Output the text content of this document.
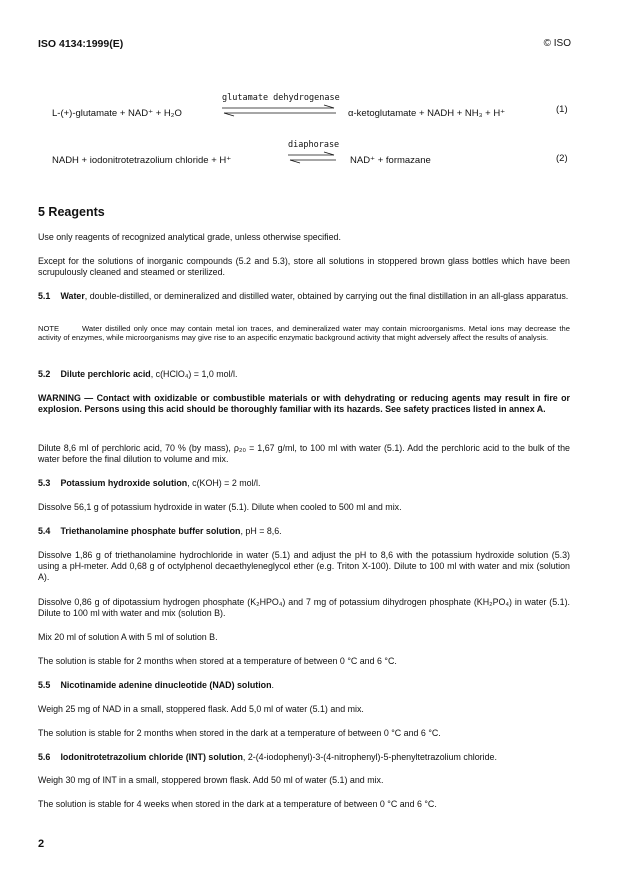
ISO 4134:1999(E)	© ISO
glutamate dehydrogenase
L-(+)-glutamate + NAD⁺ + H₂O	α-ketoglutamate + NADH + NH₃ + H⁺	(1)
diaphorase
NADH + iodonitrotetrazolium chloride + H⁺	NAD⁺ + formazane	(2)
5 Reagents
Use only reagents of recognized analytical grade, unless otherwise specified.
Except for the solutions of inorganic compounds (5.2 and 5.3), store all solutions in stoppered brown glass bottles which have been scrupulously cleaned and steamed or sterilized.
5.1 Water, double-distilled, or demineralized and distilled water, obtained by carrying out the final distillation in an all-glass apparatus.
NOTE	Water distilled only once may contain metal ion traces, and demineralized water may contain microorganisms. Metal ions may decrease the activity of enzymes, while microorganisms may give rise to an aspecific enzymatic background activity that might adversely affect the results of analysis.
5.2 Dilute perchloric acid, c(HClO₄) = 1,0 mol/l.
WARNING — Contact with oxidizable or combustible materials or with dehydrating or reducing agents may result in fire or explosion. Persons using this acid should be thoroughly familiar with its hazards. See safety practices listed in annex A.
Dilute 8,6 ml of perchloric acid, 70 % (by mass), ρ₂₀ = 1,67 g/ml, to 100 ml with water (5.1). Add the perchloric acid to the bulk of the water before the final dilution to volume and mix.
5.3 Potassium hydroxide solution, c(KOH) = 2 mol/l.
Dissolve 56,1 g of potassium hydroxide in water (5.1). Dilute when cooled to 500 ml and mix.
5.4 Triethanolamine phosphate buffer solution, pH = 8,6.
Dissolve 1,86 g of triethanolamine hydrochloride in water (5.1) and adjust the pH to 8,6 with the potassium hydroxide solution (5.3) using a pH-meter. Add 0,68 g of octylphenol decaethyleneglycol ether (e.g. Triton X-100). Dilute to 100 ml with water and mix (solution A).
Dissolve 0,86 g of dipotassium hydrogen phosphate (K₂HPO₄) and 7 mg of potassium dihydrogen phosphate (KH₂PO₄) in water (5.1). Dilute to 100 ml with water and mix (solution B).
Mix 20 ml of solution A with 5 ml of solution B.
The solution is stable for 2 months when stored at a temperature of between 0 °C and 6 °C.
5.5 Nicotinamide adenine dinucleotide (NAD) solution.
Weigh 25 mg of NAD in a small, stoppered flask. Add 5,0 ml of water (5.1) and mix.
The solution is stable for 2 months when stored in the dark at a temperature of between 0 °C and 6 °C.
5.6 Iodonitrotetrazolium chloride (INT) solution, 2-(4-iodophenyl)-3-(4-nitrophenyl)-5-phenyltetrazolium chloride.
Weigh 30 mg of INT in a small, stoppered brown flask. Add 50 ml of water (5.1) and mix.
The solution is stable for 4 weeks when stored in the dark at a temperature of between 0 °C and 6 °C.
2
